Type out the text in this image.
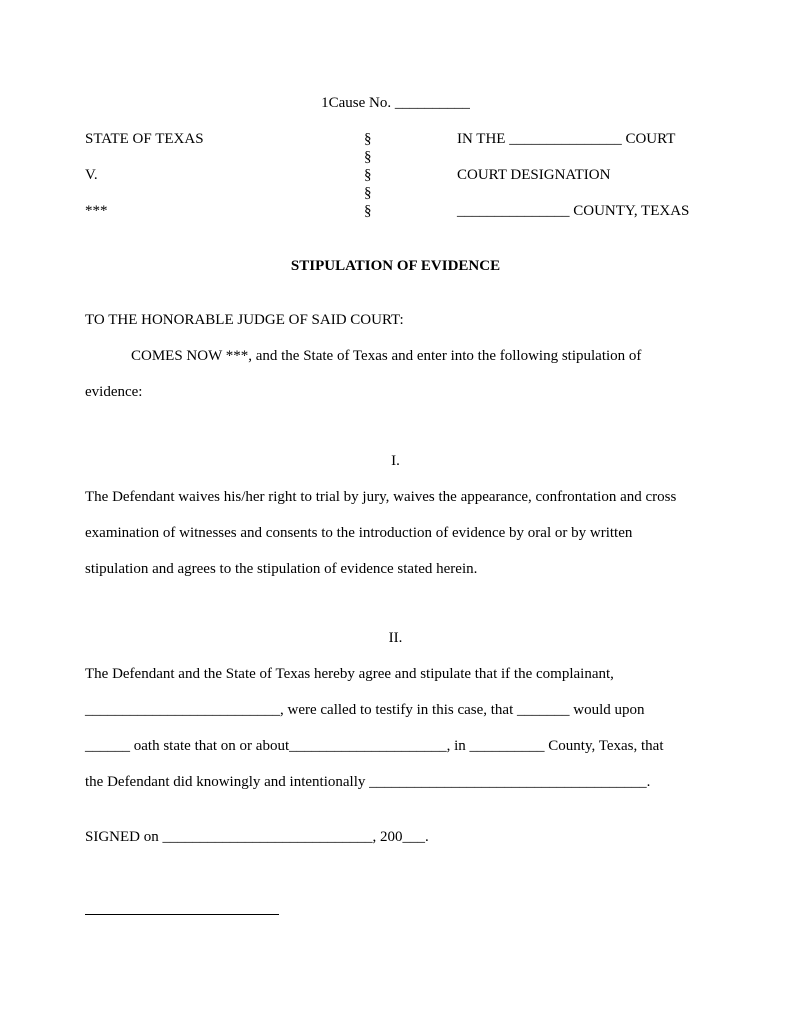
1Cause No. __________
STATE OF TEXAS
V.
***
§
§
§
§
§
IN THE _______________ COURT
COURT DESIGNATION
_______________ COUNTY, TEXAS
STIPULATION OF EVIDENCE
TO THE HONORABLE JUDGE OF SAID COURT:
COMES NOW ***, and the State of Texas and enter into the following stipulation of
evidence:
I.
The Defendant waives his/her right to trial by jury, waives the appearance, confrontation and cross
examination of witnesses and consents to the introduction of evidence by oral or by written
stipulation and agrees to the stipulation of evidence stated herein.
II.
The Defendant and the State of Texas hereby agree and stipulate that if the complainant,
__________________________, were called to testify in this case, that _______ would upon
______ oath state that on or about_____________________, in __________ County, Texas, that
the Defendant did knowingly and intentionally _____________________________________.
SIGNED on ____________________________, 200___.
